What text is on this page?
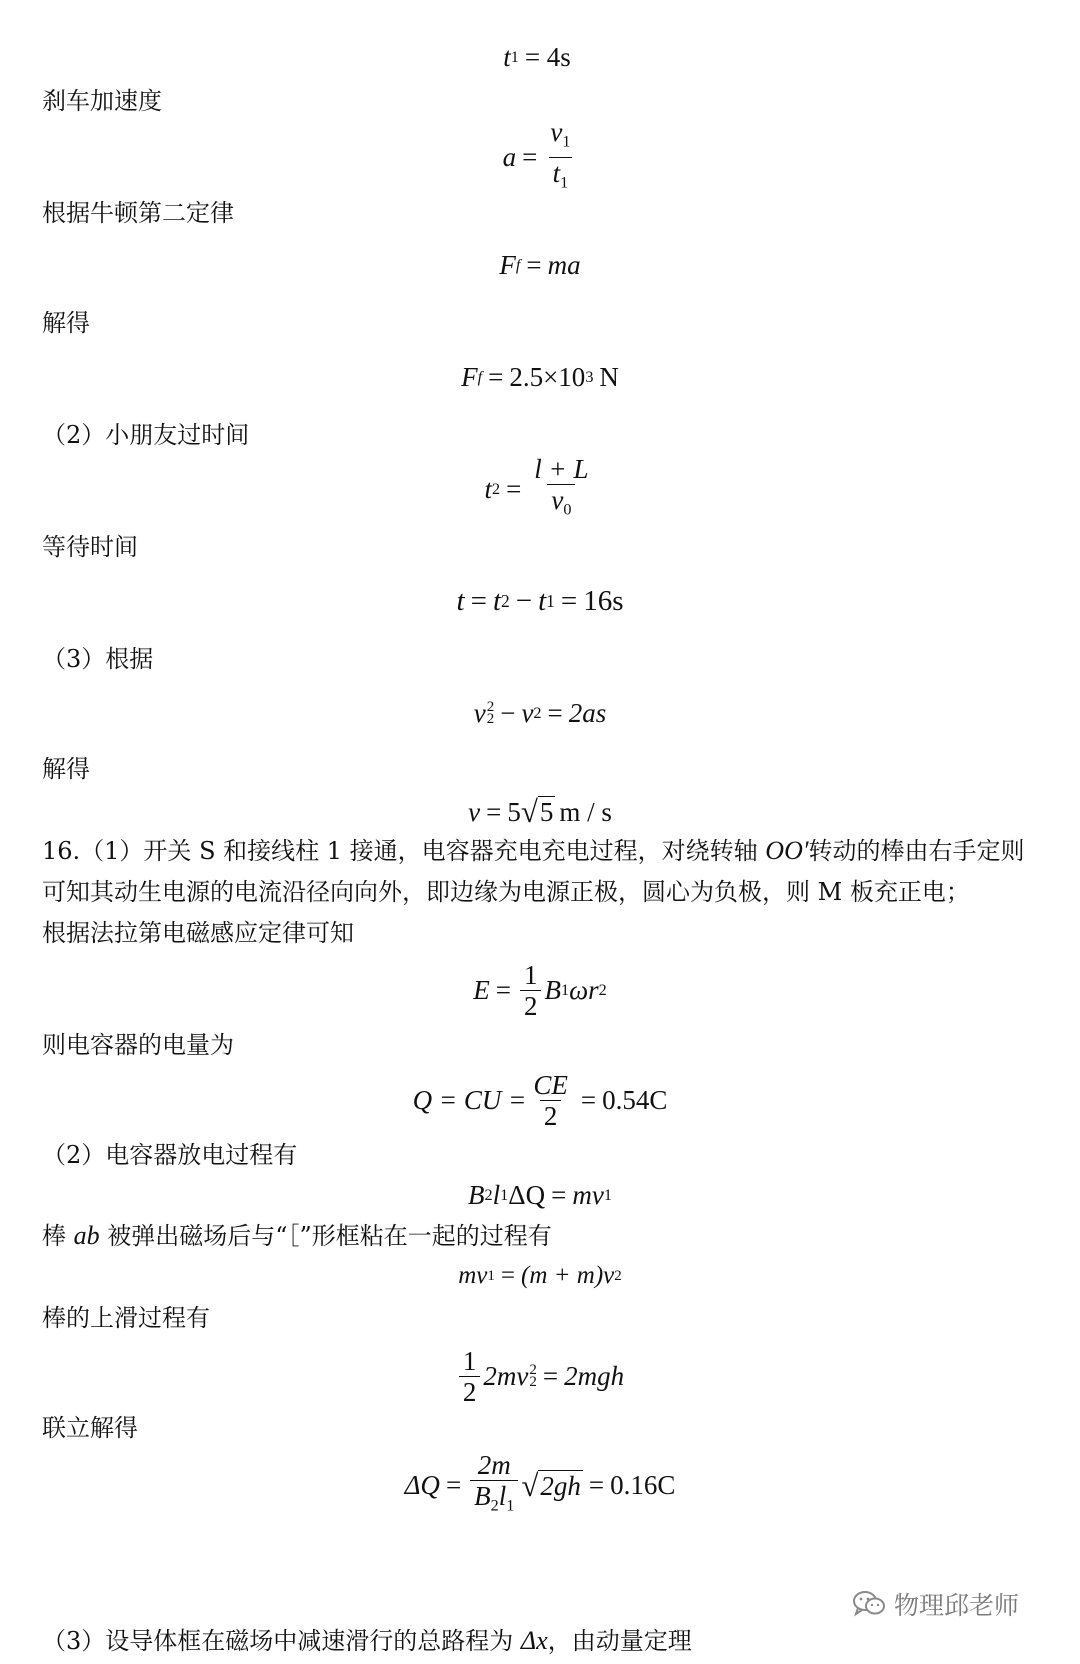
t 1 = 4s
刹车加速度
$a = \frac{v_1}{t_1}$
根据牛顿第二定律
F f = ma
解得
F f = 2.5×10 3 N
（2）小朋友过时间
t $2 = \frac{l + L}{v_0}$
等待时间
t = t 2 − t 1 = 16s
（3）根据
v 2
2 − v 2 = 2as
解得
v = 5 √ 5 m / s
16.（1）开关 S 和接线柱 1 接通，电容器充电充电过程，对绕转轴 OO′转动的棒由右手定则
可知其动生电源的电流沿径向向外，即边缘为电源正极，圆心为负极，则 M 板充正电；
根据法拉第电磁感应定律可知
$E = \frac{1}{2}$ B 1 ωr 2
则电容器的电量为
Q = CU = $\frac{CE}{2} = 0.54C$
（2）电容器放电过程有
B 2 l 1 ΔQ = mv 1
棒 ab 被弹出磁场后与“［”形框粘在一起的过程有
mv 1 = (m + m)v 2
棒的上滑过程有
$\frac{1}{2} 2mv$ 2
2 = 2mgh
联立解得
$\Delta Q = \frac{2m}{B_2l_1}$ √ 2gh = 0.16C
（3）设导体框在磁场中减速滑行的总路程为 Δx，由动量定理
物理邱老师
